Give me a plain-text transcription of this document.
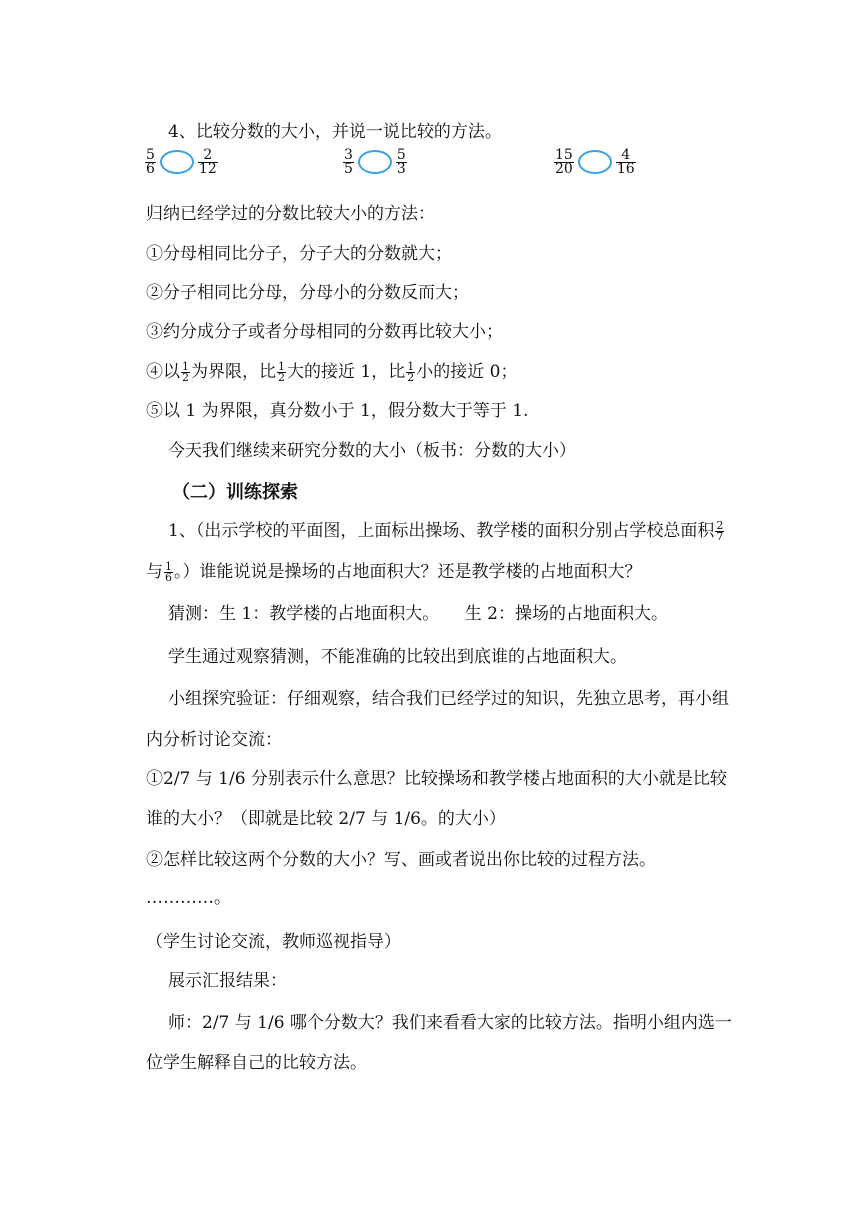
4、比较分数的大小，并说一说比较的方法。
5
6
2
12
3
5
5
3
15
20
4
16
归纳已经学过的分数比较大小的方法：
①分母相同比分子，分子大的分数就大；
②分子相同比分母，分母小的分数反而大；
③约分成分子或者分母相同的分数再比较大小；
④以 $\frac{1}{2}$ 为界限，比 $\frac{1}{2}$ 大的接近 1，比 $\frac{1}{2}$ 小的接近 0；
⑤以 1 为界限，真分数小于 1，假分数大于等于 1.
今天我们继续来研究分数的大小（板书：分数的大小）
（二）训练探索
1、（出示学校的平面图，上面标出操场、教学楼的面积分别占学校总面积 $\frac{2}{7}$
与 $\frac{1}{6}$ 。）谁能说说是操场的占地面积大？还是教学楼的占地面积大？
猜测：生 1：教学楼的占地面积大。　　生 2：操场的占地面积大。
学生通过观察猜测，不能准确的比较出到底谁的占地面积大。
小组探究验证：仔细观察，结合我们已经学过的知识，先独立思考，再小组
内分析讨论交流：
①2/7 与 1/6 分别表示什么意思？比较操场和教学楼占地面积的大小就是比较
谁的大小？（即就是比较 2/7 与 1/6。的大小）
②怎样比较这两个分数的大小？写、画或者说出你比较的过程方法。
…………。
（学生讨论交流，教师巡视指导）
展示汇报结果：
师：2/7 与 1/6 哪个分数大？我们来看看大家的比较方法。指明小组内选一
位学生解释自己的比较方法。
